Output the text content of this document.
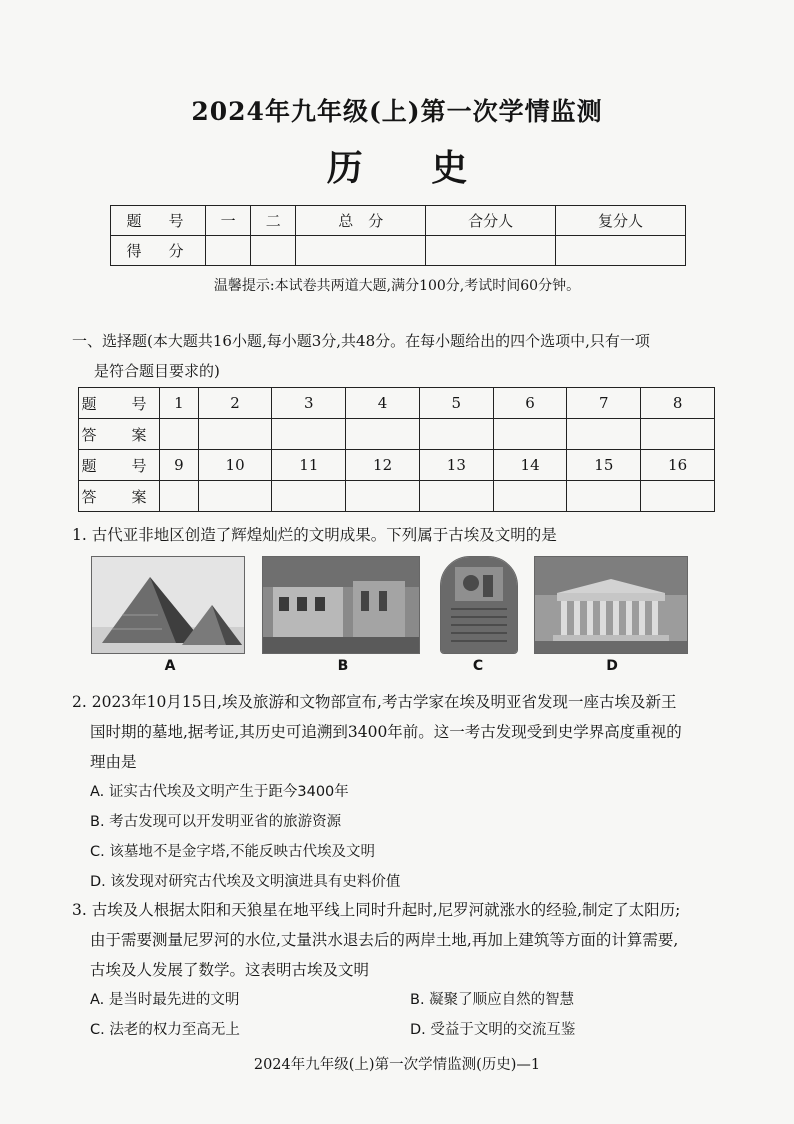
2024年九年级(上)第一次学情监测
历 史
题　号	一	二	总　分	合分人	复分人
得　分					
温馨提示:本试卷共两道大题,满分100分,考试时间60分钟。
一、选择题(本大题共16小题,每小题3分,共48分。在每小题给出的四个选项中,只有一项
是符合题目要求的)
题　号	1	2	3	4	5	6	7	8
答　案								
题　号	9	10	11	12	13	14	15	16
答　案								
1. 古代亚非地区创造了辉煌灿烂的文明成果。下列属于古埃及文明的是
A	B	C	D
2. 2023年10月15日,埃及旅游和文物部宣布,考古学家在埃及明亚省发现一座古埃及新王
国时期的墓地,据考证,其历史可追溯到3400年前。这一考古发现受到史学界高度重视的
理由是
A. 证实古代埃及文明产生于距今3400年
B. 考古发现可以开发明亚省的旅游资源
C. 该墓地不是金字塔,不能反映古代埃及文明
D. 该发现对研究古代埃及文明演进具有史料价值
3. 古埃及人根据太阳和天狼星在地平线上同时升起时,尼罗河就涨水的经验,制定了太阳历;
由于需要测量尼罗河的水位,丈量洪水退去后的两岸土地,再加上建筑等方面的计算需要,
古埃及人发展了数学。这表明古埃及文明
A. 是当时最先进的文明	B. 凝聚了顺应自然的智慧
C. 法老的权力至高无上	D. 受益于文明的交流互鉴
2024年九年级(上)第一次学情监测(历史)—1
